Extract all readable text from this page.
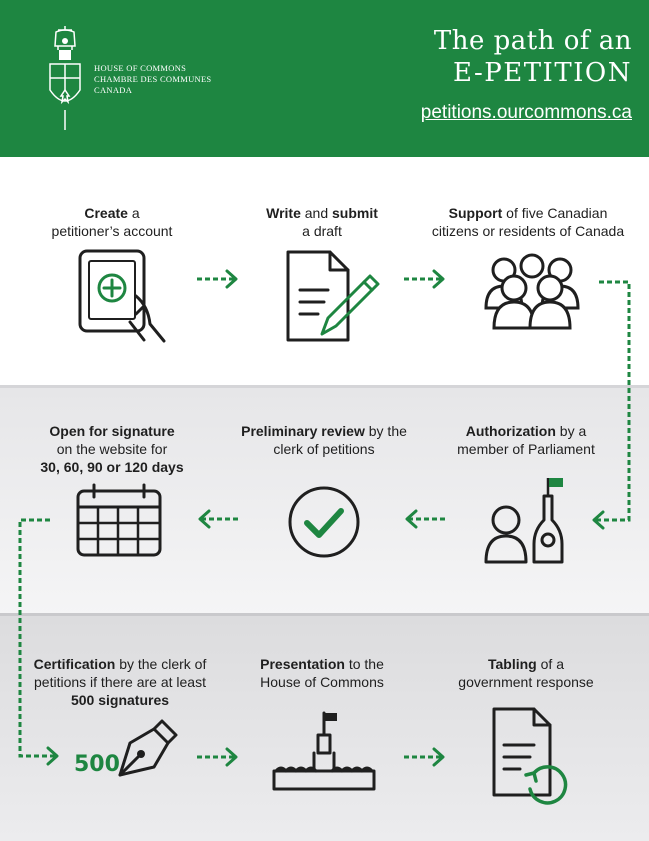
HOUSE OF COMMONS
CHAMBRE DES COMMUNES
CANADA
The path of an
E-PETITION
petitions.ourcommons.ca
Create a
petitioner’s account
Write and submit
a draft
Support of five Canadian
citizens or residents of Canada
Open for signature
on the website for
30, 60, 90 or 120 days
Preliminary review by the
clerk of petitions
Authorization by a
member of Parliament
Certification by the clerk of
petitions if there are at least
500 signatures
Presentation to the
House of Commons
Tabling of a
government response
500
